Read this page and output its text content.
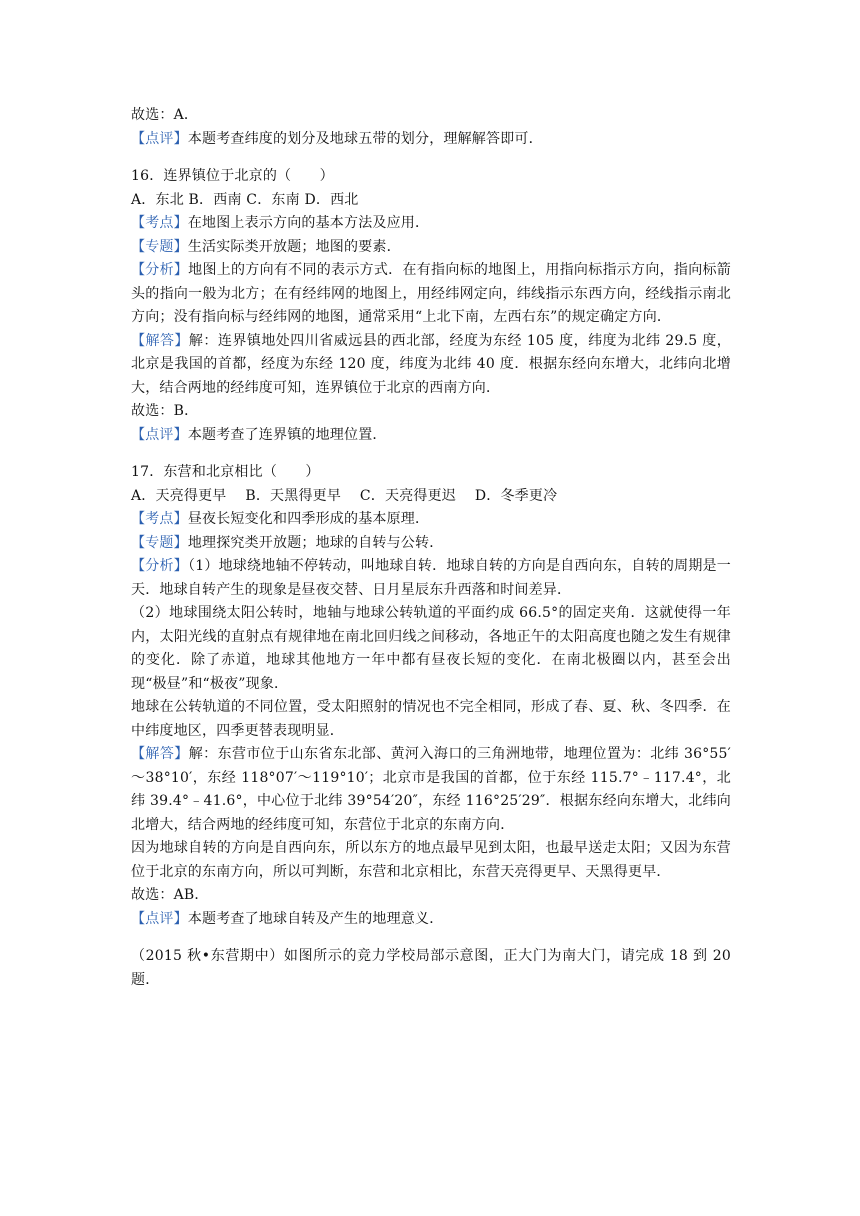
故选：A．

【点评】本题考查纬度的划分及地球五带的划分，理解解答即可．

16．连界镇位于北京的（　　）

A．东北 B．西南 C．东南 D．西北

【考点】在地图上表示方向的基本方法及应用．

【专题】生活实际类开放题；地图的要素．

【分析】地图上的方向有不同的表示方式．在有指向标的地图上，用指向标指示方向，指向标箭头的指向一般为北方；在有经纬网的地图上，用经纬网定向，纬线指示东西方向，经线指示南北方向；没有指向标与经纬网的地图，通常采用“上北下南，左西右东”的规定确定方向．

【解答】解：连界镇地处四川省威远县的西北部，经度为东经 105 度，纬度为北纬 29.5 度，北京是我国的首都，经度为东经 120 度，纬度为北纬 40 度．根据东经向东增大，北纬向北增大，结合两地的经纬度可知，连界镇位于北京的西南方向．

故选：B．

【点评】本题考查了连界镇的地理位置．

17．东营和北京相比（　　）

A．天亮得更早　 B．天黑得更早　 C．天亮得更迟　 D．冬季更冷

【考点】昼夜长短变化和四季形成的基本原理．

【专题】地理探究类开放题；地球的自转与公转．

【分析】（1）地球绕地轴不停转动，叫地球自转．地球自转的方向是自西向东，自转的周期是一天．地球自转产生的现象是昼夜交替、日月星辰东升西落和时间差异．

（2）地球围绕太阳公转时，地轴与地球公转轨道的平面约成 66.5°的固定夹角．这就使得一年内，太阳光线的直射点有规律地在南北回归线之间移动，各地正午的太阳高度也随之发生有规律的变化．除了赤道，地球其他地方一年中都有昼夜长短的变化．在南北极圈以内，甚至会出现“极昼”和“极夜”现象．

地球在公转轨道的不同位置，受太阳照射的情况也不完全相同，形成了春、夏、秋、冬四季．在中纬度地区，四季更替表现明显．

【解答】解：东营市位于山东省东北部、黄河入海口的三角洲地带，地理位置为：北纬 36°55′～38°10′，东经 118°07′～119°10′；北京市是我国的首都，位于东经 115.7°﹣117.4°，北纬 39.4°﹣41.6°，中心位于北纬 39°54′20″，东经 116°25′29″．根据东经向东增大，北纬向北增大，结合两地的经纬度可知，东营位于北京的东南方向．

因为地球自转的方向是自西向东，所以东方的地点最早见到太阳，也最早送走太阳；又因为东营位于北京的东南方向，所以可判断，东营和北京相比，东营天亮得更早、天黑得更早．

故选：AB．

【点评】本题考查了地球自转及产生的地理意义．

（2015 秋•东营期中）如图所示的竞力学校局部示意图，正大门为南大门，请完成 18 到 20 题．
